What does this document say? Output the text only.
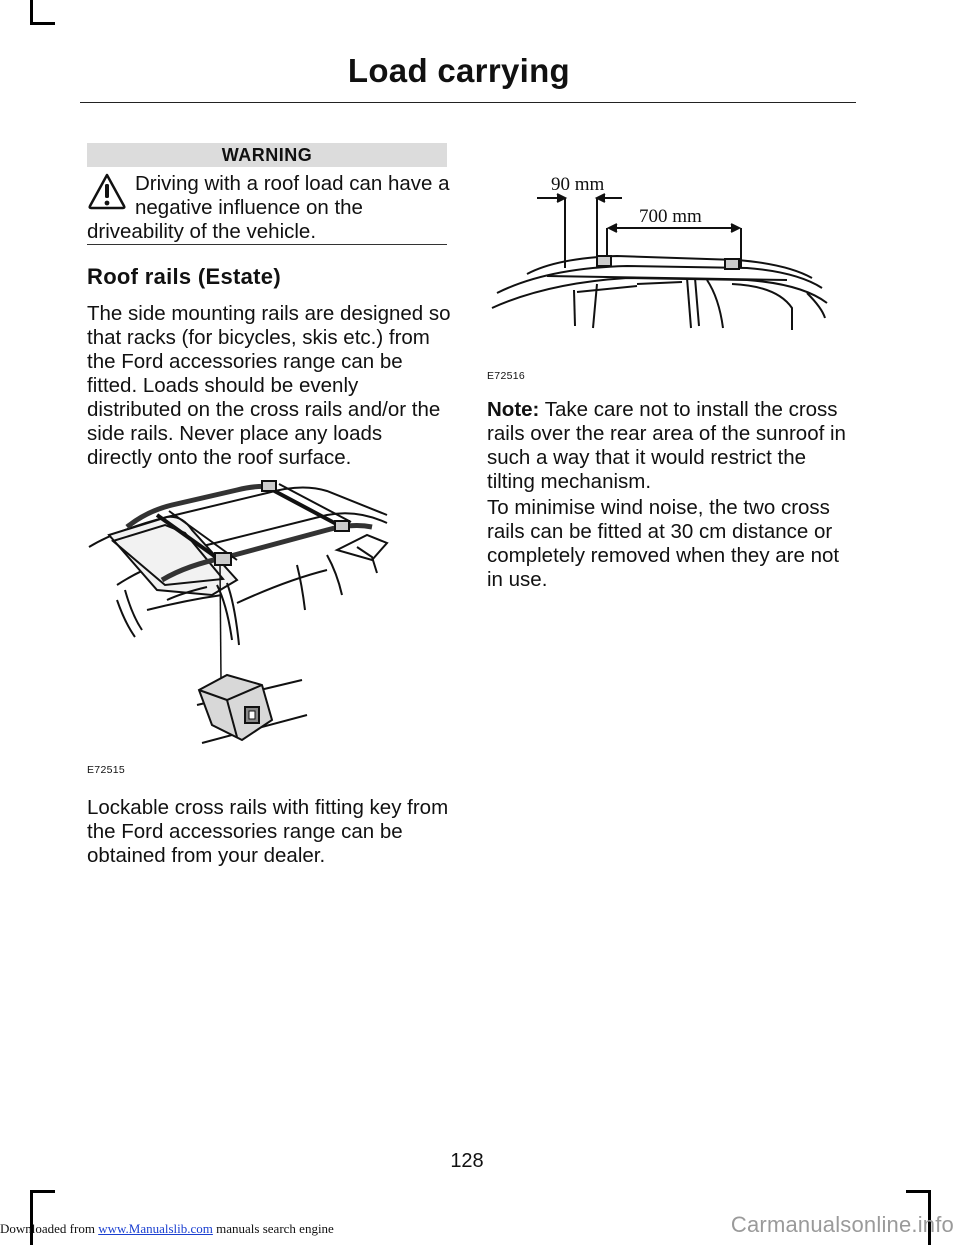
Load carrying
WARNING

Driving with a roof load can have a negative influence on the driveability of the vehicle.

Roof rails (Estate)

The side mounting rails are designed so that racks (for bicycles, skis etc.) from the Ford accessories range can be fitted. Loads should be evenly distributed on the cross rails and/or the side rails. Never place any loads directly onto the roof surface.

E72515

Lockable cross rails with fitting key from the Ford accessories range can be obtained from your dealer.

90 mm
700 mm
E72516

Note: Take care not to install the cross rails over the rear area of the sunroof in such a way that it would restrict the tilting mechanism.

To minimise wind noise, the two cross rails can be fitted at 30 cm distance or completely removed when they are not in use.

128
Downloaded from www.Manualslib.com manuals search engine	Carmanualsonline.info
